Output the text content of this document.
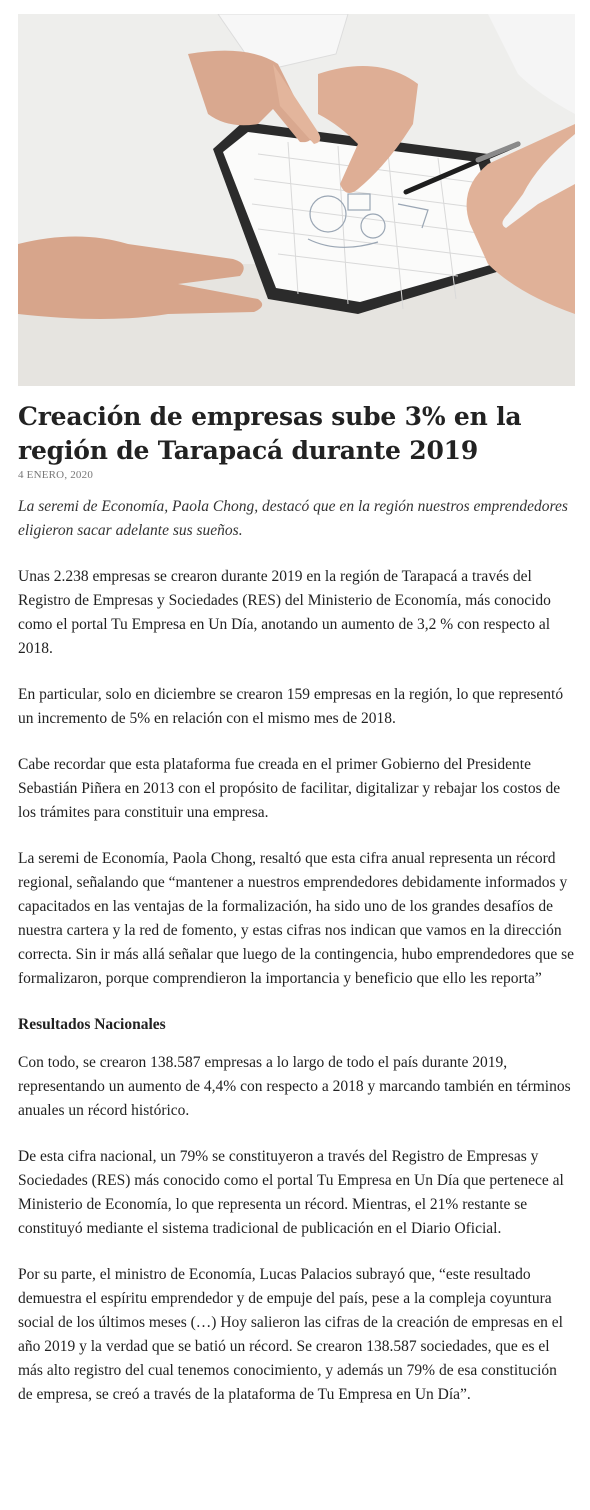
Creación de empresas sube 3% en la región de Tarapacá durante 2019
4 ENERO, 2020

La seremi de Economía, Paola Chong, destacó que en la región nuestros emprendedores eligieron sacar adelante sus sueños.

Unas 2.238 empresas se crearon durante 2019 en la región de Tarapacá a través del Registro de Empresas y Sociedades (RES) del Ministerio de Economía, más conocido como el portal Tu Empresa en Un Día, anotando un aumento de 3,2 % con respecto al 2018.

En particular, solo en diciembre se crearon 159 empresas en la región, lo que representó un incremento de 5% en relación con el mismo mes de 2018.

Cabe recordar que esta plataforma fue creada en el primer Gobierno del Presidente Sebastián Piñera en 2013 con el propósito de facilitar, digitalizar y rebajar los costos de los trámites para constituir una empresa.

La seremi de Economía, Paola Chong, resaltó que esta cifra anual representa un récord regional, señalando que “mantener a nuestros emprendedores debidamente informados y capacitados en las ventajas de la formalización, ha sido uno de los grandes desafíos de nuestra cartera y la red de fomento, y estas cifras nos indican que vamos en la dirección correcta. Sin ir más allá señalar que luego de la contingencia, hubo emprendedores que se formalizaron, porque comprendieron la importancia y beneficio que ello les reporta”

Resultados Nacionales

Con todo, se crearon 138.587 empresas a lo largo de todo el país durante 2019, representando un aumento de 4,4% con respecto a 2018 y marcando también en términos anuales un récord histórico.

De esta cifra nacional, un 79% se constituyeron a través del Registro de Empresas y Sociedades (RES) más conocido como el portal Tu Empresa en Un Día que pertenece al Ministerio de Economía, lo que representa un récord. Mientras, el 21% restante se constituyó mediante el sistema tradicional de publicación en el Diario Oficial.

Por su parte, el ministro de Economía, Lucas Palacios subrayó que, “este resultado demuestra el espíritu emprendedor y de empuje del país, pese a la compleja coyuntura social de los últimos meses (…) Hoy salieron las cifras de la creación de empresas en el año 2019 y la verdad que se batió un récord. Se crearon 138.587 sociedades, que es el más alto registro del cual tenemos conocimiento, y además un 79% de esa constitución de empresa, se creó a través de la plataforma de Tu Empresa en Un Día”.
